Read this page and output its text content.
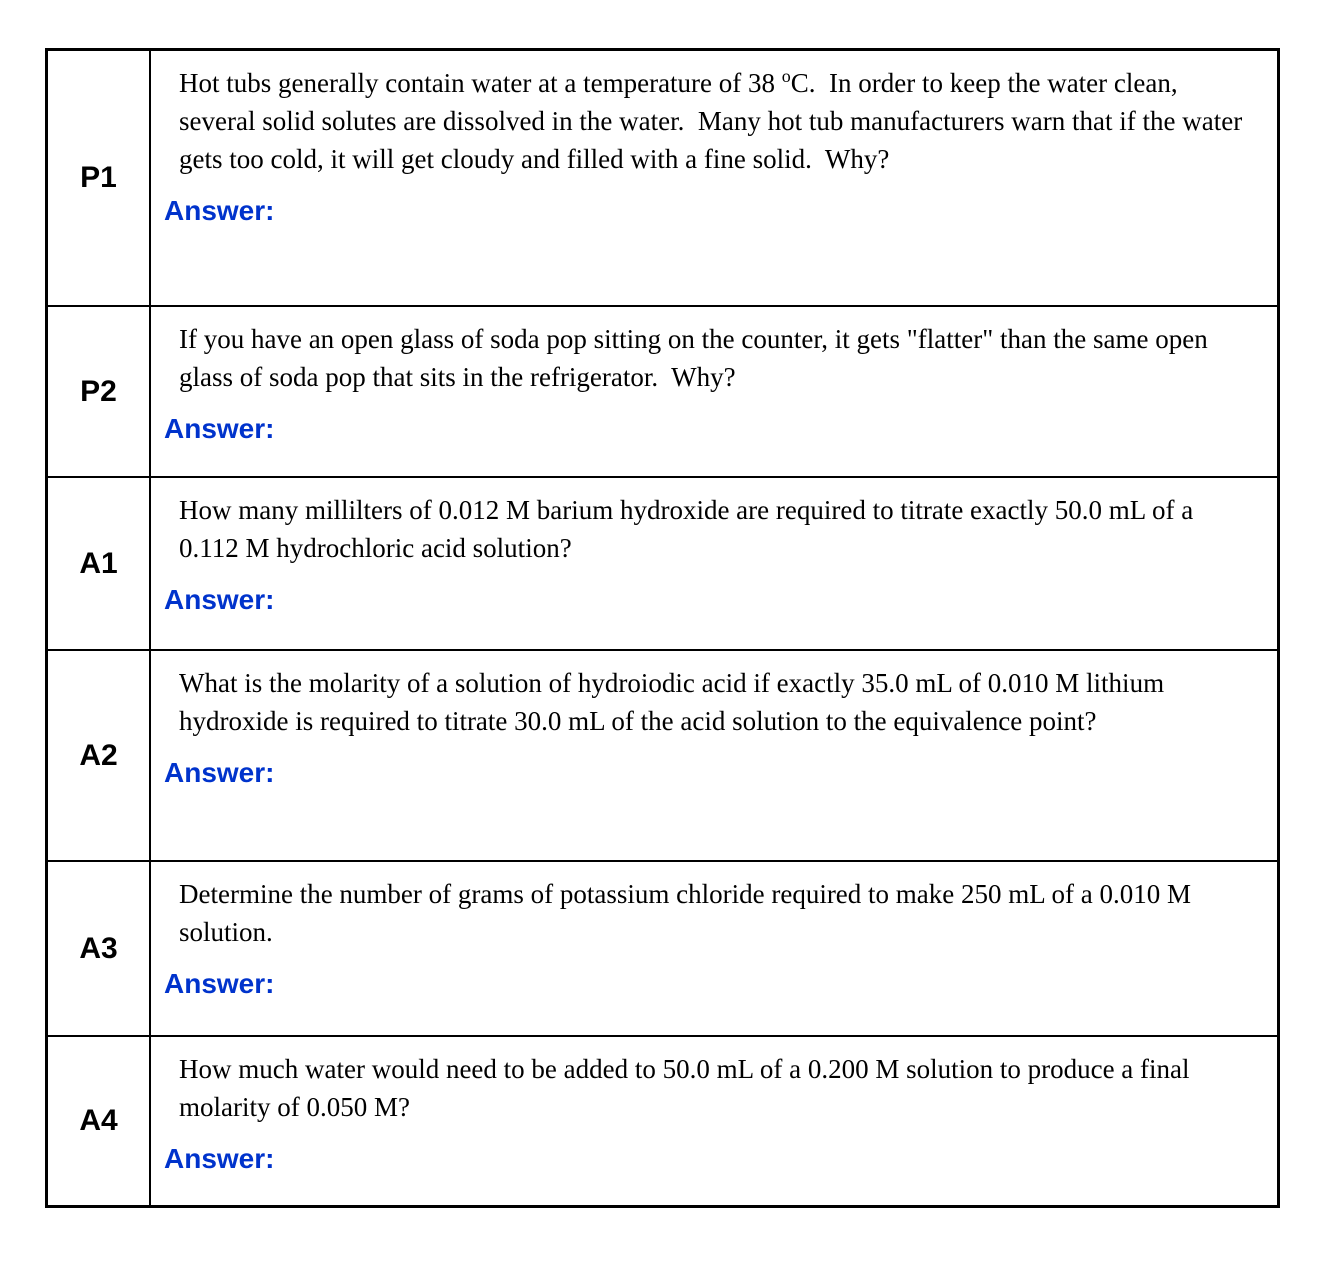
P1

Hot tubs generally contain water at a temperature of 38 $^o$C.  In order to keep the water clean, several solid solutes are dissolved in the water.  Many hot tub manufacturers warn that if the water gets too cold, it will get cloudy and filled with a fine solid.  Why?

Answer:

P2

If you have an open glass of soda pop sitting on the counter, it gets "flatter" than the same open glass of soda pop that sits in the refrigerator.  Why?

Answer:

A1

How many millilters of 0.012 M barium hydroxide are required to titrate exactly 50.0 mL of a 0.112 M hydrochloric acid solution?

Answer:

A2

What is the molarity of a solution of hydroiodic acid if exactly 35.0 mL of 0.010 M lithium hydroxide is required to titrate 30.0 mL of the acid solution to the equivalence point?

Answer:

A3

Determine the number of grams of potassium chloride required to make 250 mL of a 0.010 M solution.

Answer:

A4

How much water would need to be added to 50.0 mL of a 0.200 M solution to produce a final molarity of 0.050 M?

Answer:
